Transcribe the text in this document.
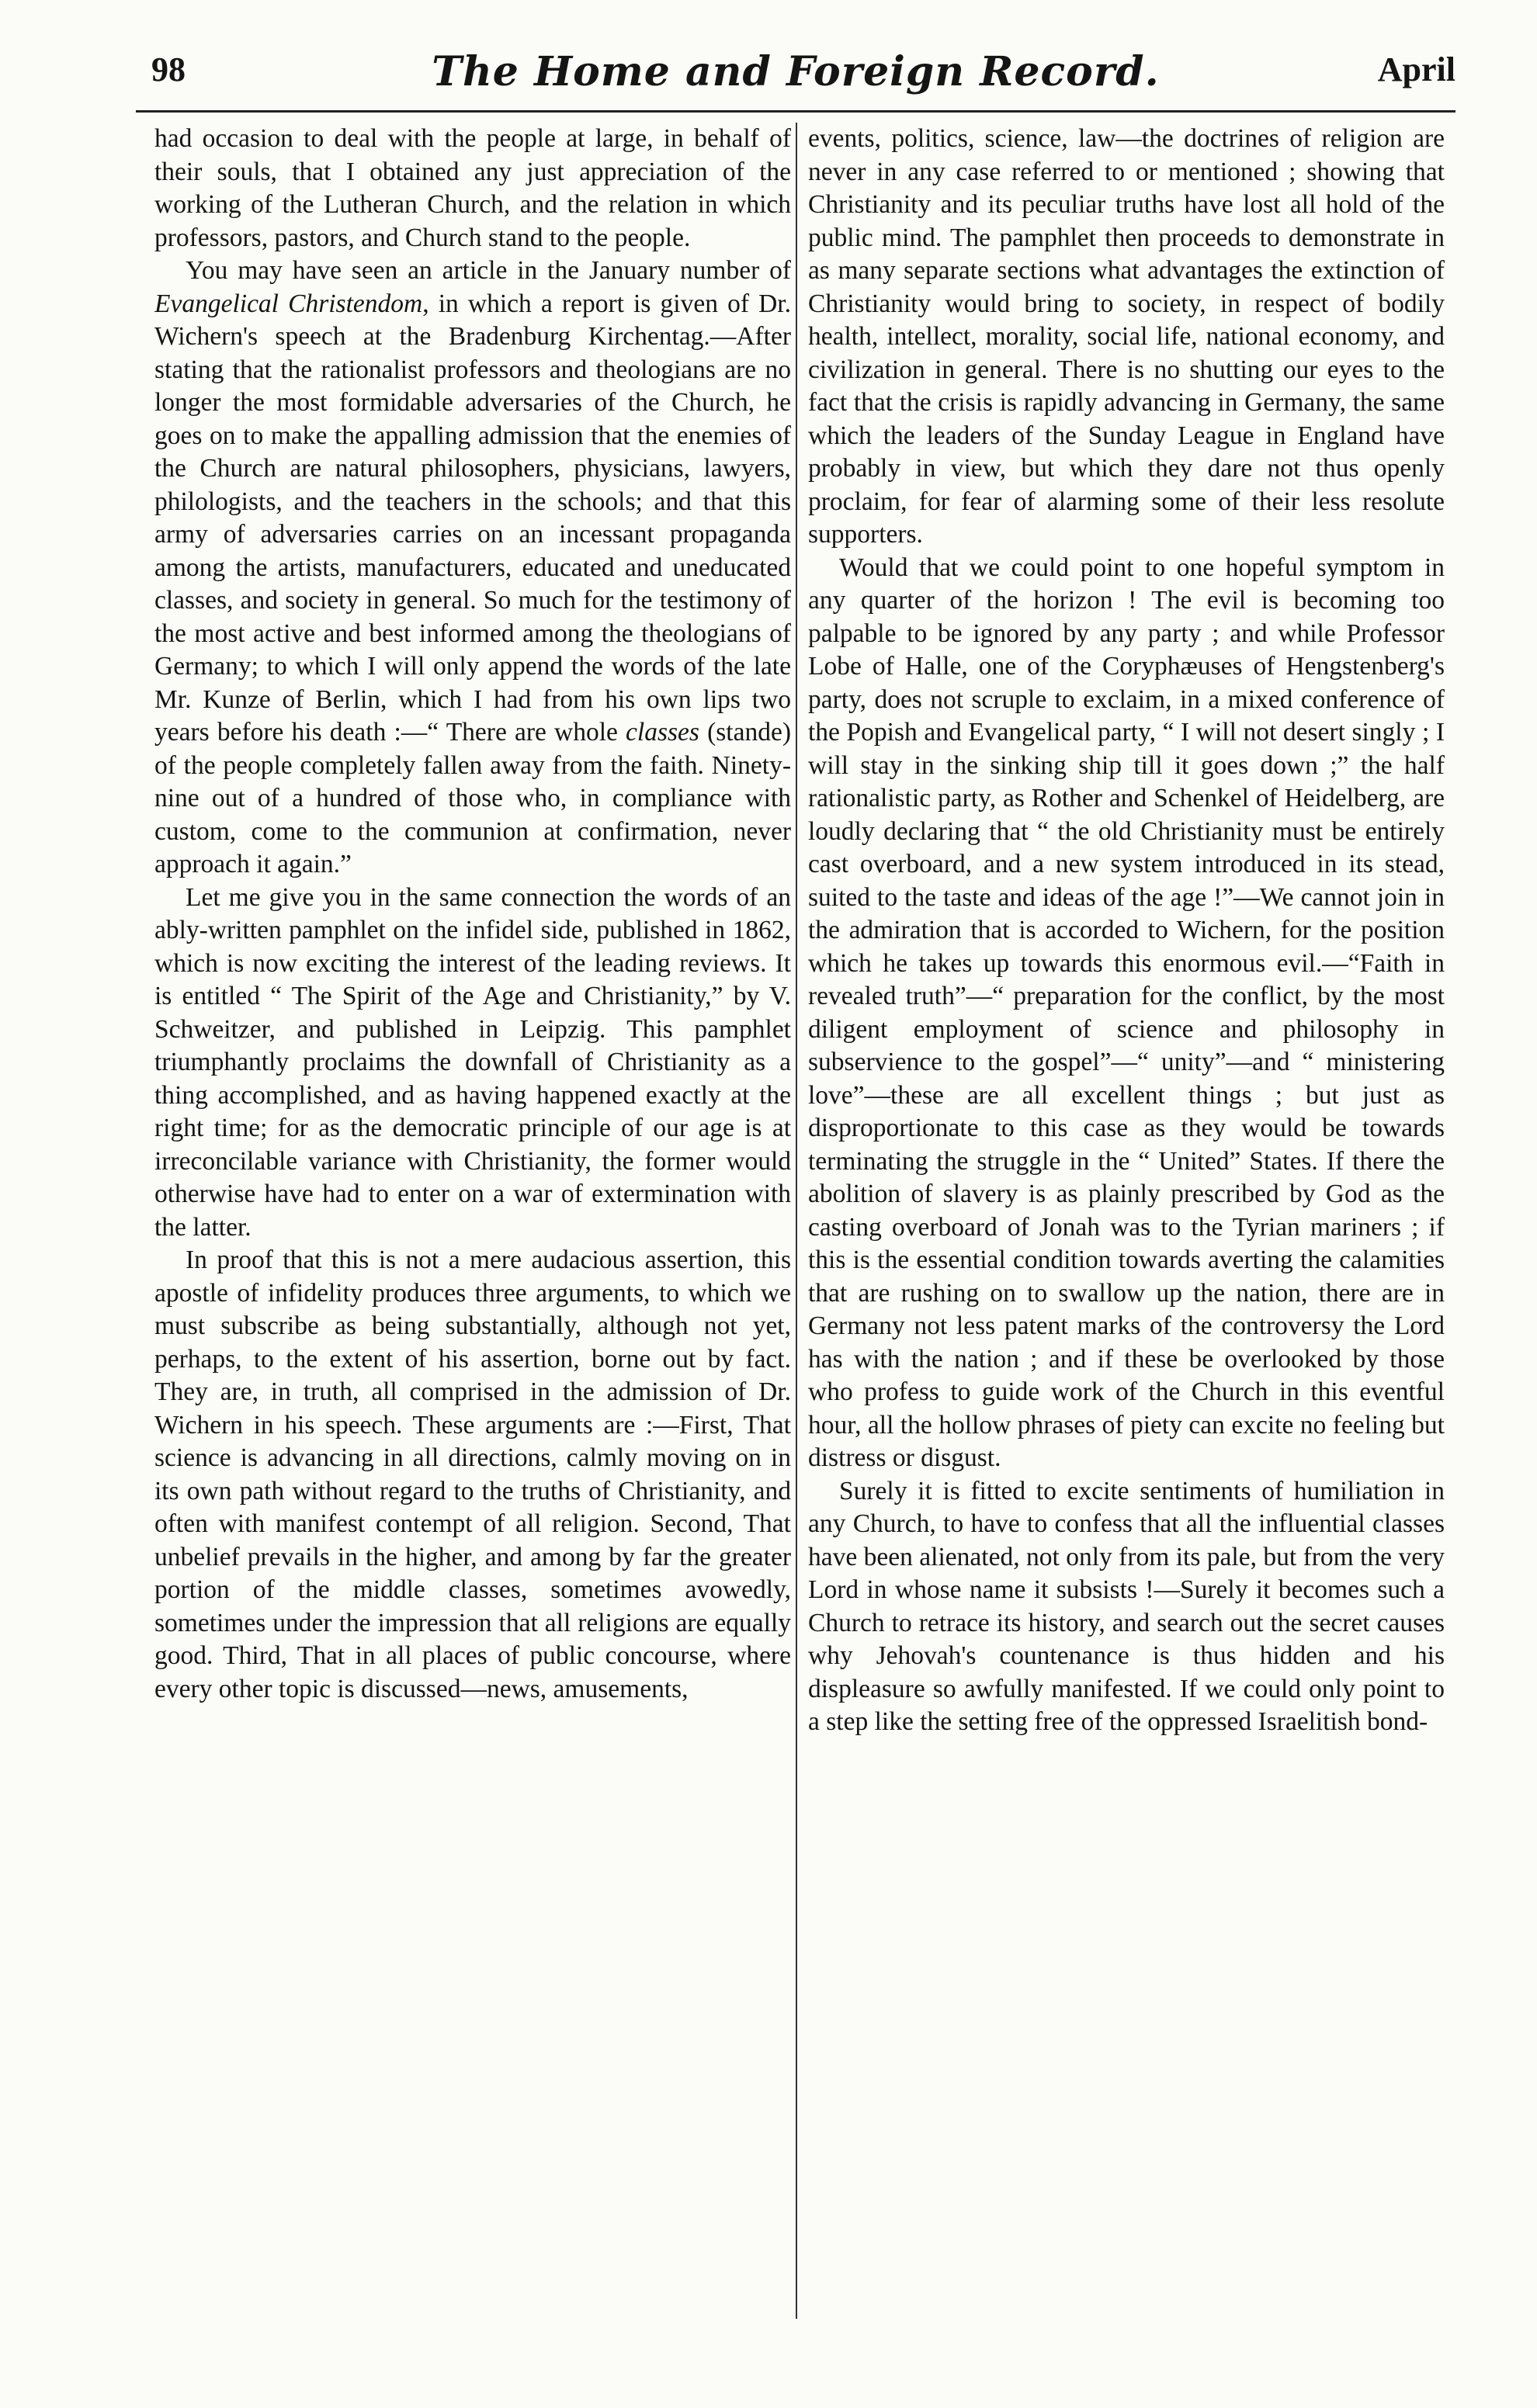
98	The Home and Foreign Record.	April

had occasion to deal with the people at large, in behalf of their souls, that I obtained any just appreciation of the working of the Lutheran Church, and the relation in which professors, pastors, and Church stand to the people.

You may have seen an article in the January number of Evangelical Christendom, in which a report is given of Dr. Wichern's speech at the Bradenburg Kirchentag.—After stating that the rationalist professors and theologians are no longer the most formidable adversaries of the Church, he goes on to make the appalling admission that the enemies of the Church are natural philosophers, physicians, lawyers, philologists, and the teachers in the schools; and that this army of adversaries carries on an incessant propaganda among the artists, manufacturers, educated and uneducated classes, and society in general. So much for the testimony of the most active and best informed among the theologians of Germany; to which I will only append the words of the late Mr. Kunze of Berlin, which I had from his own lips two years before his death :—“ There are whole classes (stande) of the people completely fallen away from the faith. Ninety-nine out of a hundred of those who, in compliance with custom, come to the communion at confirmation, never approach it again.”

Let me give you in the same connection the words of an ably-written pamphlet on the infidel side, published in 1862, which is now exciting the interest of the leading reviews. It is entitled “ The Spirit of the Age and Christianity,” by V. Schweitzer, and published in Leipzig. This pamphlet triumphantly proclaims the downfall of Christianity as a thing accomplished, and as having happened exactly at the right time; for as the democratic principle of our age is at irreconcilable variance with Christianity, the former would otherwise have had to enter on a war of extermination with the latter.

In proof that this is not a mere audacious assertion, this apostle of infidelity produces three arguments, to which we must subscribe as being substantially, although not yet, perhaps, to the extent of his assertion, borne out by fact. They are, in truth, all comprised in the admission of Dr. Wichern in his speech. These arguments are :—First, That science is advancing in all directions, calmly moving on in its own path without regard to the truths of Christianity, and often with manifest contempt of all religion. Second, That unbelief prevails in the higher, and among by far the greater portion of the middle classes, sometimes avowedly, sometimes under the impression that all religions are equally good. Third, That in all places of public concourse, where every other topic is discussed—news, amusements,

events, politics, science, law—the doctrines of religion are never in any case referred to or mentioned ; showing that Christianity and its peculiar truths have lost all hold of the public mind. The pamphlet then proceeds to demonstrate in as many separate sections what advantages the extinction of Christianity would bring to society, in respect of bodily health, intellect, morality, social life, national economy, and civilization in general. There is no shutting our eyes to the fact that the crisis is rapidly advancing in Germany, the same which the leaders of the Sunday League in England have probably in view, but which they dare not thus openly proclaim, for fear of alarming some of their less resolute supporters.

Would that we could point to one hopeful symptom in any quarter of the horizon ! The evil is becoming too palpable to be ignored by any party ; and while Professor Lobe of Halle, one of the Coryphæuses of Hengstenberg's party, does not scruple to exclaim, in a mixed conference of the Popish and Evangelical party, “ I will not desert singly ; I will stay in the sinking ship till it goes down ;” the half rationalistic party, as Rother and Schenkel of Heidelberg, are loudly declaring that “ the old Christianity must be entirely cast overboard, and a new system introduced in its stead, suited to the taste and ideas of the age !”—We cannot join in the admiration that is accorded to Wichern, for the position which he takes up towards this enormous evil.—“Faith in revealed truth”—“ preparation for the conflict, by the most diligent employment of science and philosophy in subservience to the gospel”—“ unity”—and “ ministering love”—these are all excellent things ; but just as disproportionate to this case as they would be towards terminating the struggle in the “ United” States. If there the abolition of slavery is as plainly prescribed by God as the casting overboard of Jonah was to the Tyrian mariners ; if this is the essential condition towards averting the calamities that are rushing on to swallow up the nation, there are in Germany not less patent marks of the controversy the Lord has with the nation ; and if these be overlooked by those who profess to guide work of the Church in this eventful hour, all the hollow phrases of piety can excite no feeling but distress or disgust.

Surely it is fitted to excite sentiments of humiliation in any Church, to have to confess that all the influential classes have been alienated, not only from its pale, but from the very Lord in whose name it subsists !—Surely it becomes such a Church to retrace its history, and search out the secret causes why Jehovah's countenance is thus hidden and his displeasure so awfully manifested. If we could only point to a step like the setting free of the oppressed Israelitish bond-
